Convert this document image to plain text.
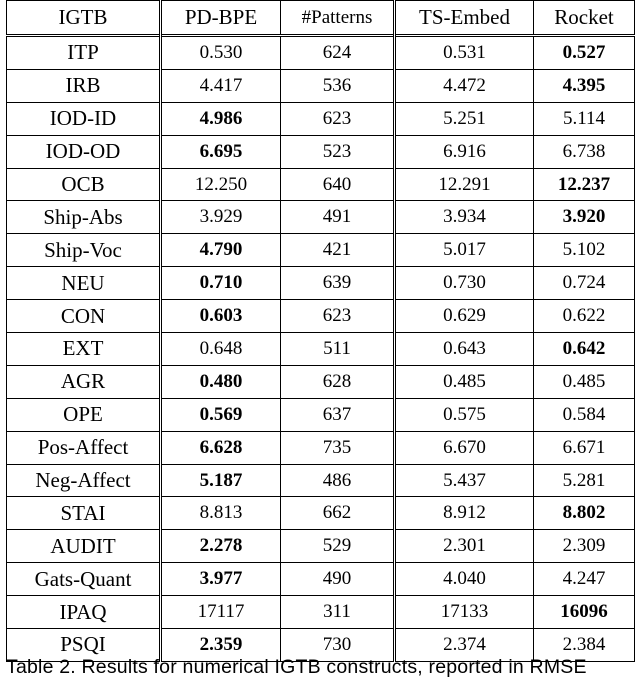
IGTB	PD-BPE	#Patterns	TS-Embed	Rocket
ITP	0.530	624	0.531	0.527
IRB	4.417	536	4.472	4.395
IOD-ID	4.986	623	5.251	5.114
IOD-OD	6.695	523	6.916	6.738
OCB	12.250	640	12.291	12.237
Ship-Abs	3.929	491	3.934	3.920
Ship-Voc	4.790	421	5.017	5.102
NEU	0.710	639	0.730	0.724
CON	0.603	623	0.629	0.622
EXT	0.648	511	0.643	0.642
AGR	0.480	628	0.485	0.485
OPE	0.569	637	0.575	0.584
Pos-Affect	6.628	735	6.670	6.671
Neg-Affect	5.187	486	5.437	5.281
STAI	8.813	662	8.912	8.802
AUDIT	2.278	529	2.301	2.309
Gats-Quant	3.977	490	4.040	4.247
IPAQ	17117	311	17133	16096
PSQI	2.359	730	2.374	2.384
Table 2. Results for numerical IGTB constructs, reported in RMSE
